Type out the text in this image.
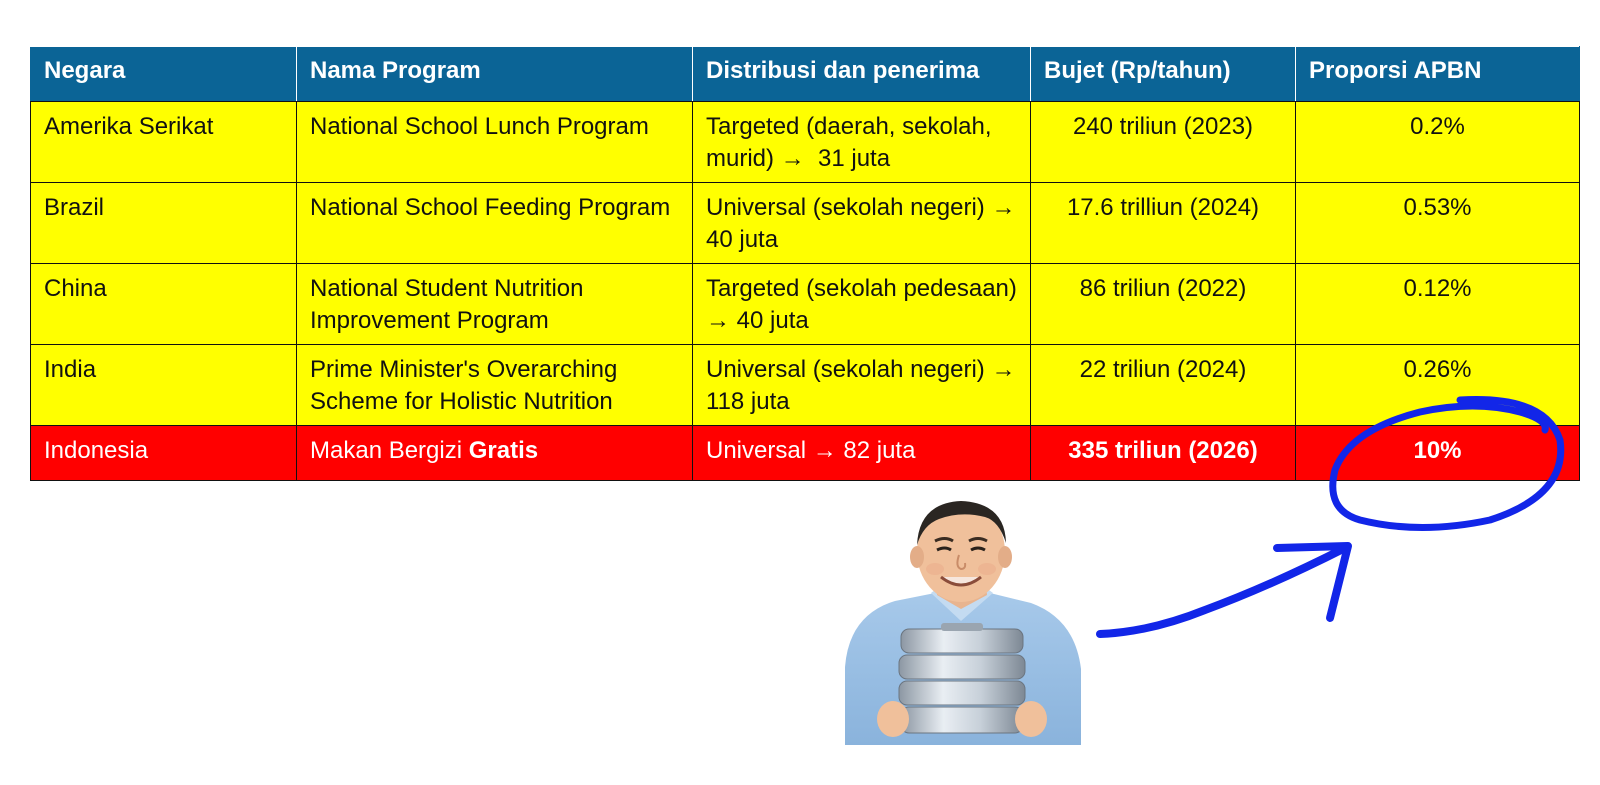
Negara	Nama Program	Distribusi dan penerima	Bujet (Rp/tahun)	Proporsi APBN
Amerika Serikat	National School Lunch Program	Targeted (daerah, sekolah, murid) →  31 juta	240 triliun (2023)	0.2%
Brazil	National School Feeding Program	Universal (sekolah negeri) → 40 juta	17.6 trilliun (2024)	0.53%
China	National Student Nutrition Improvement Program	Targeted (sekolah pedesaan) → 40 juta	86 triliun (2022)	0.12%
India	Prime Minister's Overarching Scheme for Holistic Nutrition	Universal (sekolah negeri) → 118 juta	22 triliun (2024)	0.26%
Indonesia	Makan Bergizi Gratis	Universal → 82 juta	335 triliun (2026)	10%
